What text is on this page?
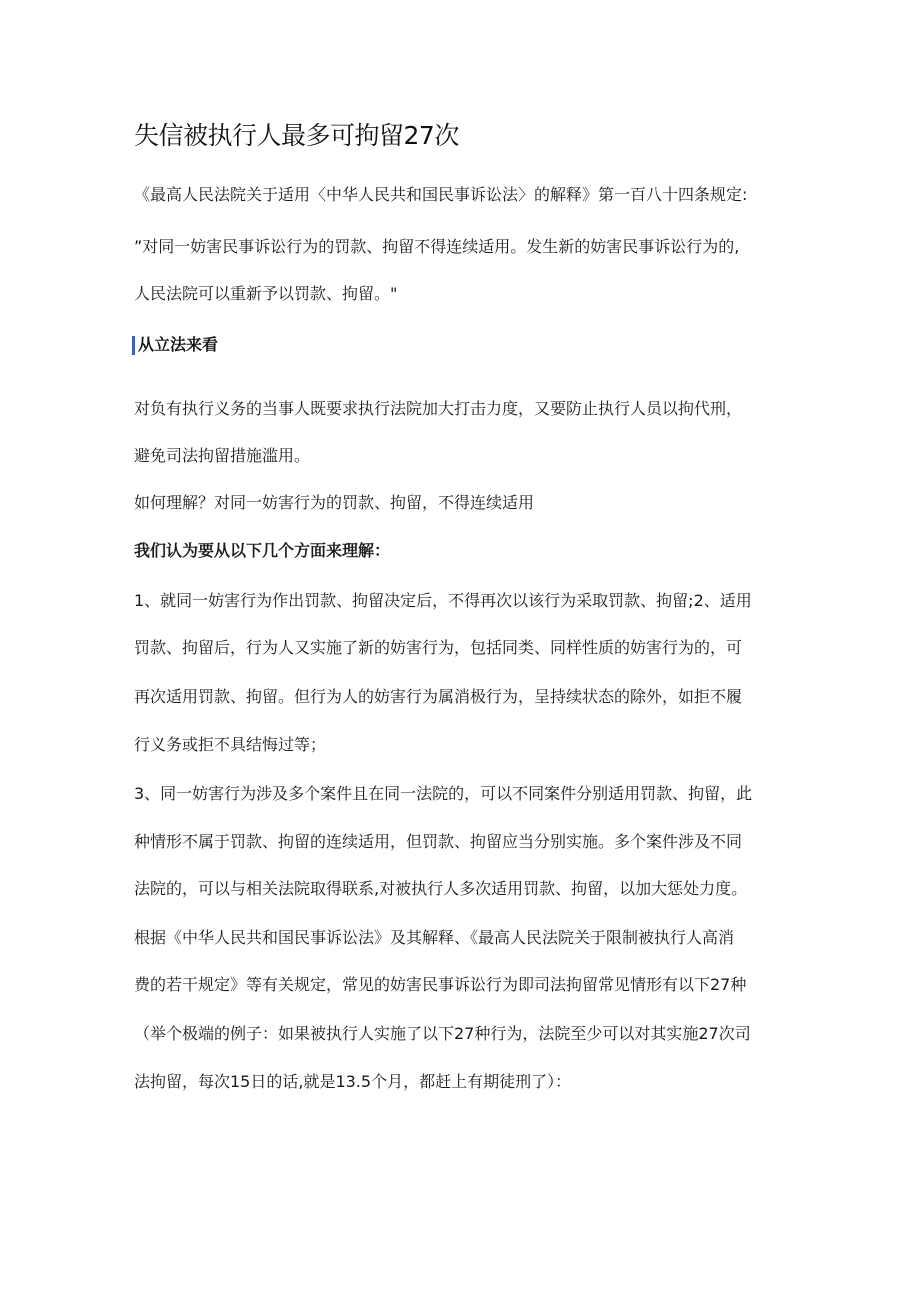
失信被执行人最多可拘留27次
《最高人民法院关于适用〈中华人民共和国民事诉讼法〉的解释》第一百八十四条规定:
”对同一妨害民事诉讼行为的罚款、拘留不得连续适用。发生新的妨害民事诉讼行为的,
人民法院可以重新予以罚款、拘留。"
从立法来看
对负有执行义务的当事人既要求执行法院加大打击力度，又要防止执行人员以拘代刑，
避免司法拘留措施滥用。
如何理解？对同一妨害行为的罚款、拘留，不得连续适用
我们认为要从以下几个方面来理解：
1、就同一妨害行为作出罚款、拘留决定后，不得再次以该行为采取罚款、拘留;2、适用
罚款、拘留后，行为人又实施了新的妨害行为，包括同类、同样性质的妨害行为的，可
再次适用罚款、拘留。但行为人的妨害行为属消极行为，呈持续状态的除外，如拒不履
行义务或拒不具结悔过等；
3、同一妨害行为涉及多个案件且在同一法院的，可以不同案件分别适用罚款、拘留，此
种情形不属于罚款、拘留的连续适用，但罚款、拘留应当分别实施。多个案件涉及不同
法院的，可以与相关法院取得联系,对被执行人多次适用罚款、拘留，以加大惩处力度。
根据《中华人民共和国民事诉讼法》及其解释、《最高人民法院关于限制被执行人高消
费的若干规定》等有关规定，常见的妨害民事诉讼行为即司法拘留常见情形有以下27种
（举个极端的例子：如果被执行人实施了以下27种行为，法院至少可以对其实施27次司
法拘留，每次15日的话,就是13.5个月，都赶上有期徒刑了）：
